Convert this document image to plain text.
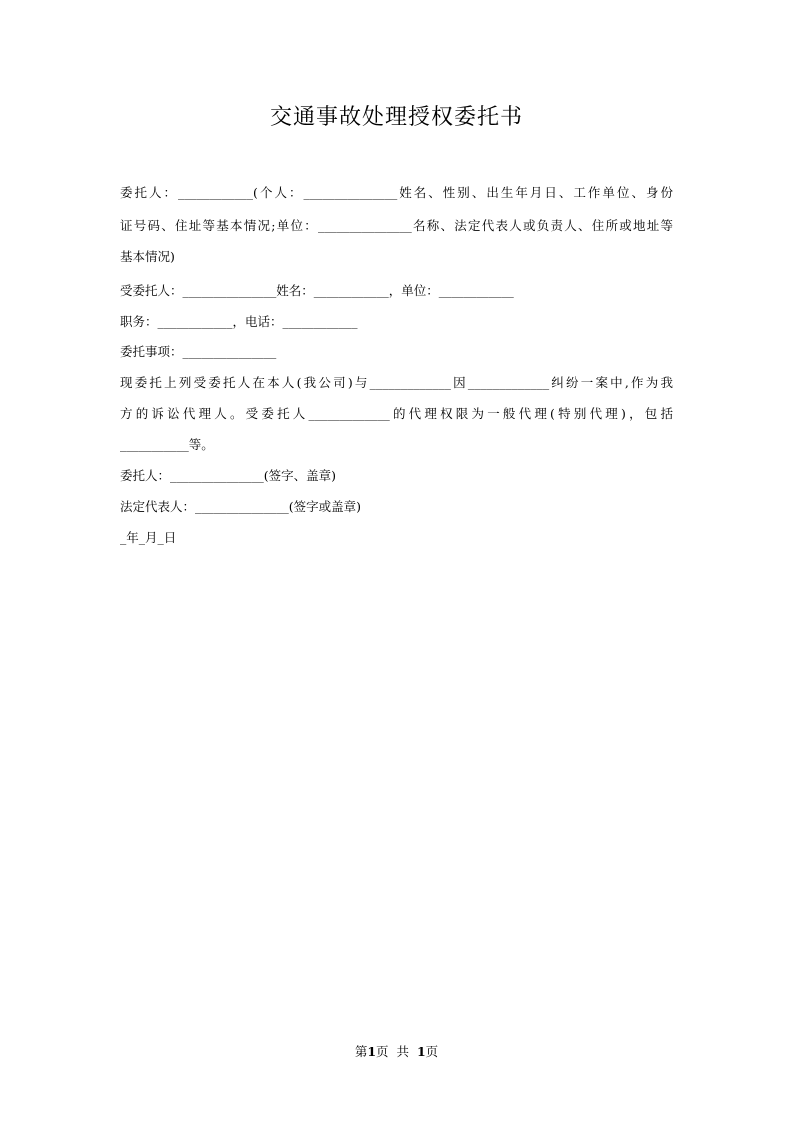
交通事故处理授权委托书
委托人：____________(个人：_______________姓名、性别、出生年月日、工作单位、身份
证号码、住址等基本情况;单位：_______________名称、法定代表人或负责人、住所或地址等
基本情况)
受委托人：_______________姓名：____________，单位：____________
职务：____________，电话：____________
委托事项：_______________
现委托上列受委托人在本人(我公司)与_____________因_____________纠纷一案中,作为我
方的诉讼代理人。受委托人_____________的代理权限为一般代理(特别代理)，包括
___________等。
委托人：_______________(签字、盖章)
法定代表人：_______________(签字或盖章)
_年_月_日
第1页  共  1页
